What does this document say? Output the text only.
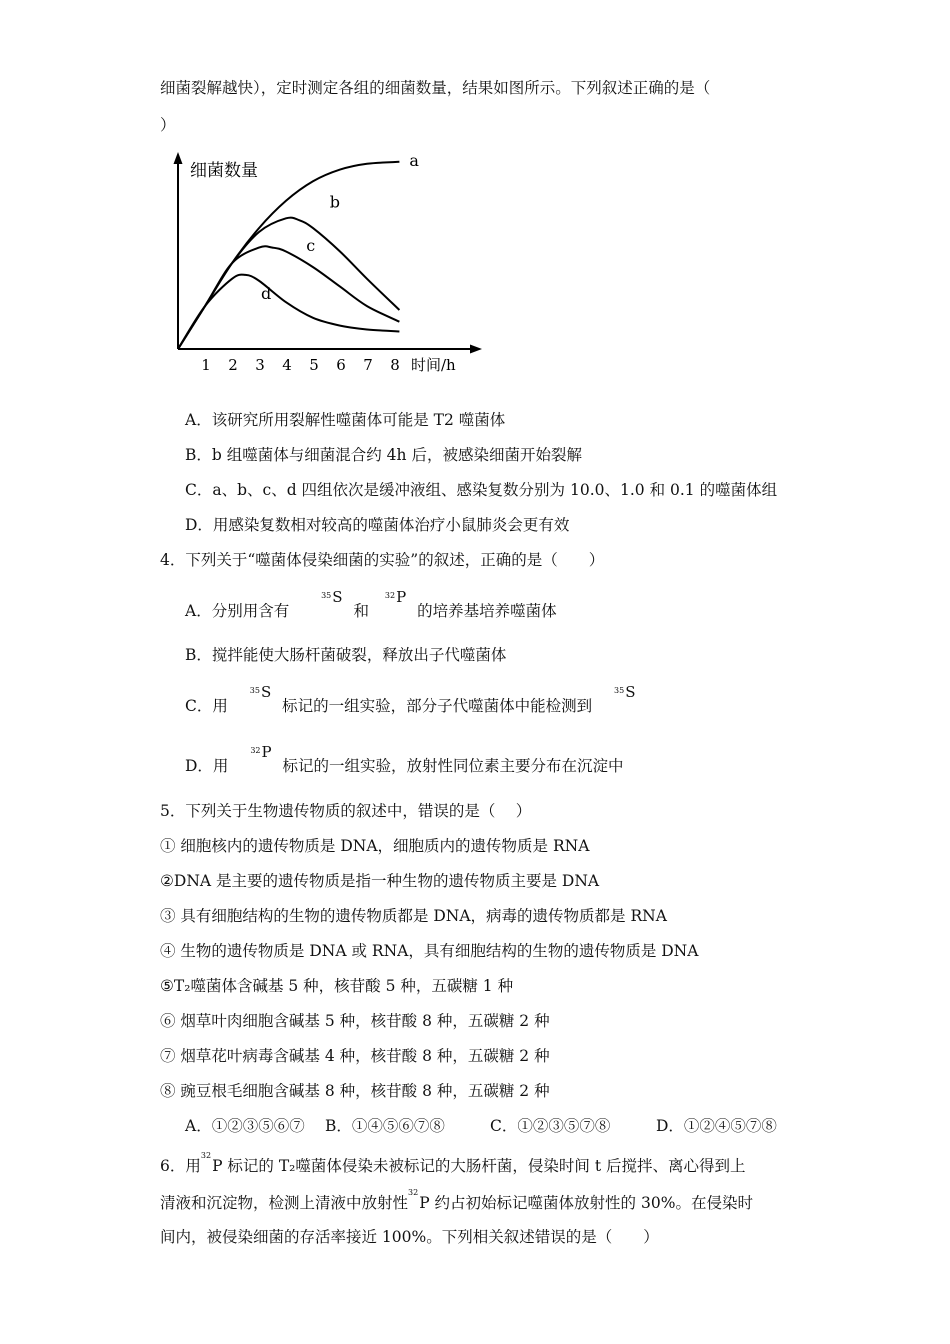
细菌裂解越快），定时测定各组的细菌数量，结果如图所示。下列叙述正确的是（
）
细菌数量
时间/h
1 2 3 4 5 6 7 8
a
b
c
d
A．该研究所用裂解性噬菌体可能是 T2 噬菌体
B．b 组噬菌体与细菌混合约 4h 后，被感染细菌开始裂解
C．a、b、c、d 四组依次是缓冲液组、感染复数分别为 10.0、1.0 和 0.1 的噬菌体组
D．用感染复数相对较高的噬菌体治疗小鼠肺炎会更有效
4．下列关于“噬菌体侵染细菌的实验”的叙述，正确的是（　　）
A．分别用含有  $^{35}$S 和  $^{32}$P 的培养基培养噬菌体
B．搅拌能使大肠杆菌破裂，释放出子代噬菌体
C．用  $^{35}$S 标记的一组实验，部分子代噬菌体中能检测到  $^{35}$S
D．用  $^{32}$P 标记的一组实验，放射性同位素主要分布在沉淀中
5．下列关于生物遗传物质的叙述中，错误的是（　 ）
① 细胞核内的遗传物质是 DNA，细胞质内的遗传物质是 RNA
②DNA 是主要的遗传物质是指一种生物的遗传物质主要是 DNA
③ 具有细胞结构的生物的遗传物质都是 DNA，病毒的遗传物质都是 RNA
④ 生物的遗传物质是 DNA 或 RNA，具有细胞结构的生物的遗传物质是 DNA
⑤T₂噬菌体含碱基 5 种，核苷酸 5 种，五碳糖 1 种
⑥ 烟草叶肉细胞含碱基 5 种，核苷酸 8 种，五碳糖 2 种
⑦ 烟草花叶病毒含碱基 4 种，核苷酸 8 种，五碳糖 2 种
⑧ 豌豆根毛细胞含碱基 8 种，核苷酸 8 种，五碳糖 2 种
A．①②③⑤⑥⑦ B．①④⑤⑥⑦⑧	C．①②③⑤⑦⑧	D．①②④⑤⑦⑧
6．用$^{32}$P 标记的 T₂噬菌体侵染未被标记的大肠杆菌，侵染时间 t 后搅拌、离心得到上
清液和沉淀物，检测上清液中放射性$^{32}$P 约占初始标记噬菌体放射性的 30%。在侵染时
间内，被侵染细菌的存活率接近 100%。下列相关叙述错误的是（　　）
